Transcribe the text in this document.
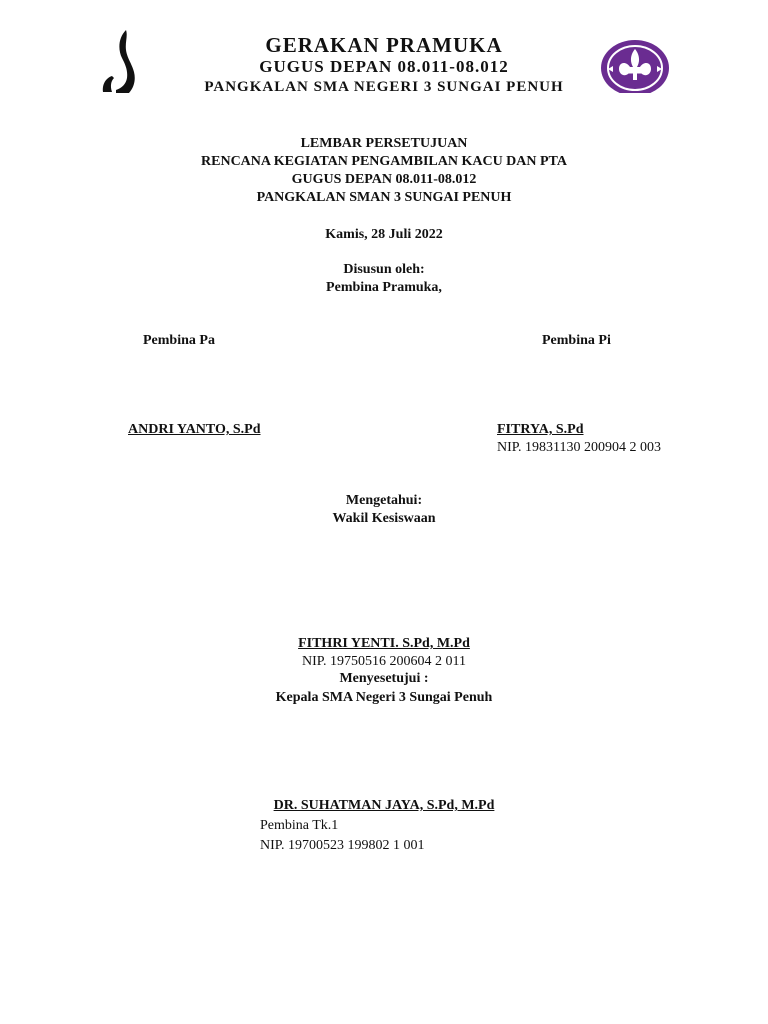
GERAKAN PRAMUKA
GUGUS DEPAN 08.011-08.012
PANGKALAN SMA NEGERI 3 SUNGAI PENUH
LEMBAR PERSETUJUAN
RENCANA KEGIATAN PENGAMBILAN KACU DAN PTA
GUGUS DEPAN 08.011-08.012
PANGKALAN SMAN 3 SUNGAI PENUH
Kamis, 28 Juli 2022
Disusun oleh:
Pembina Pramuka,
Pembina Pa
ANDRI YANTO, S.Pd
Pembina Pi
FITRYA, S.Pd
NIP. 19831130 200904 2 003
Mengetahui:
Wakil Kesiswaan
FITHRI YENTI. S.Pd, M.Pd
NIP. 19750516 200604 2 011
Menyesetujui :
Kepala SMA Negeri 3 Sungai Penuh
DR. SUHATMAN JAYA, S.Pd, M.Pd
Pembina Tk.1
NIP. 19700523 199802 1 001
